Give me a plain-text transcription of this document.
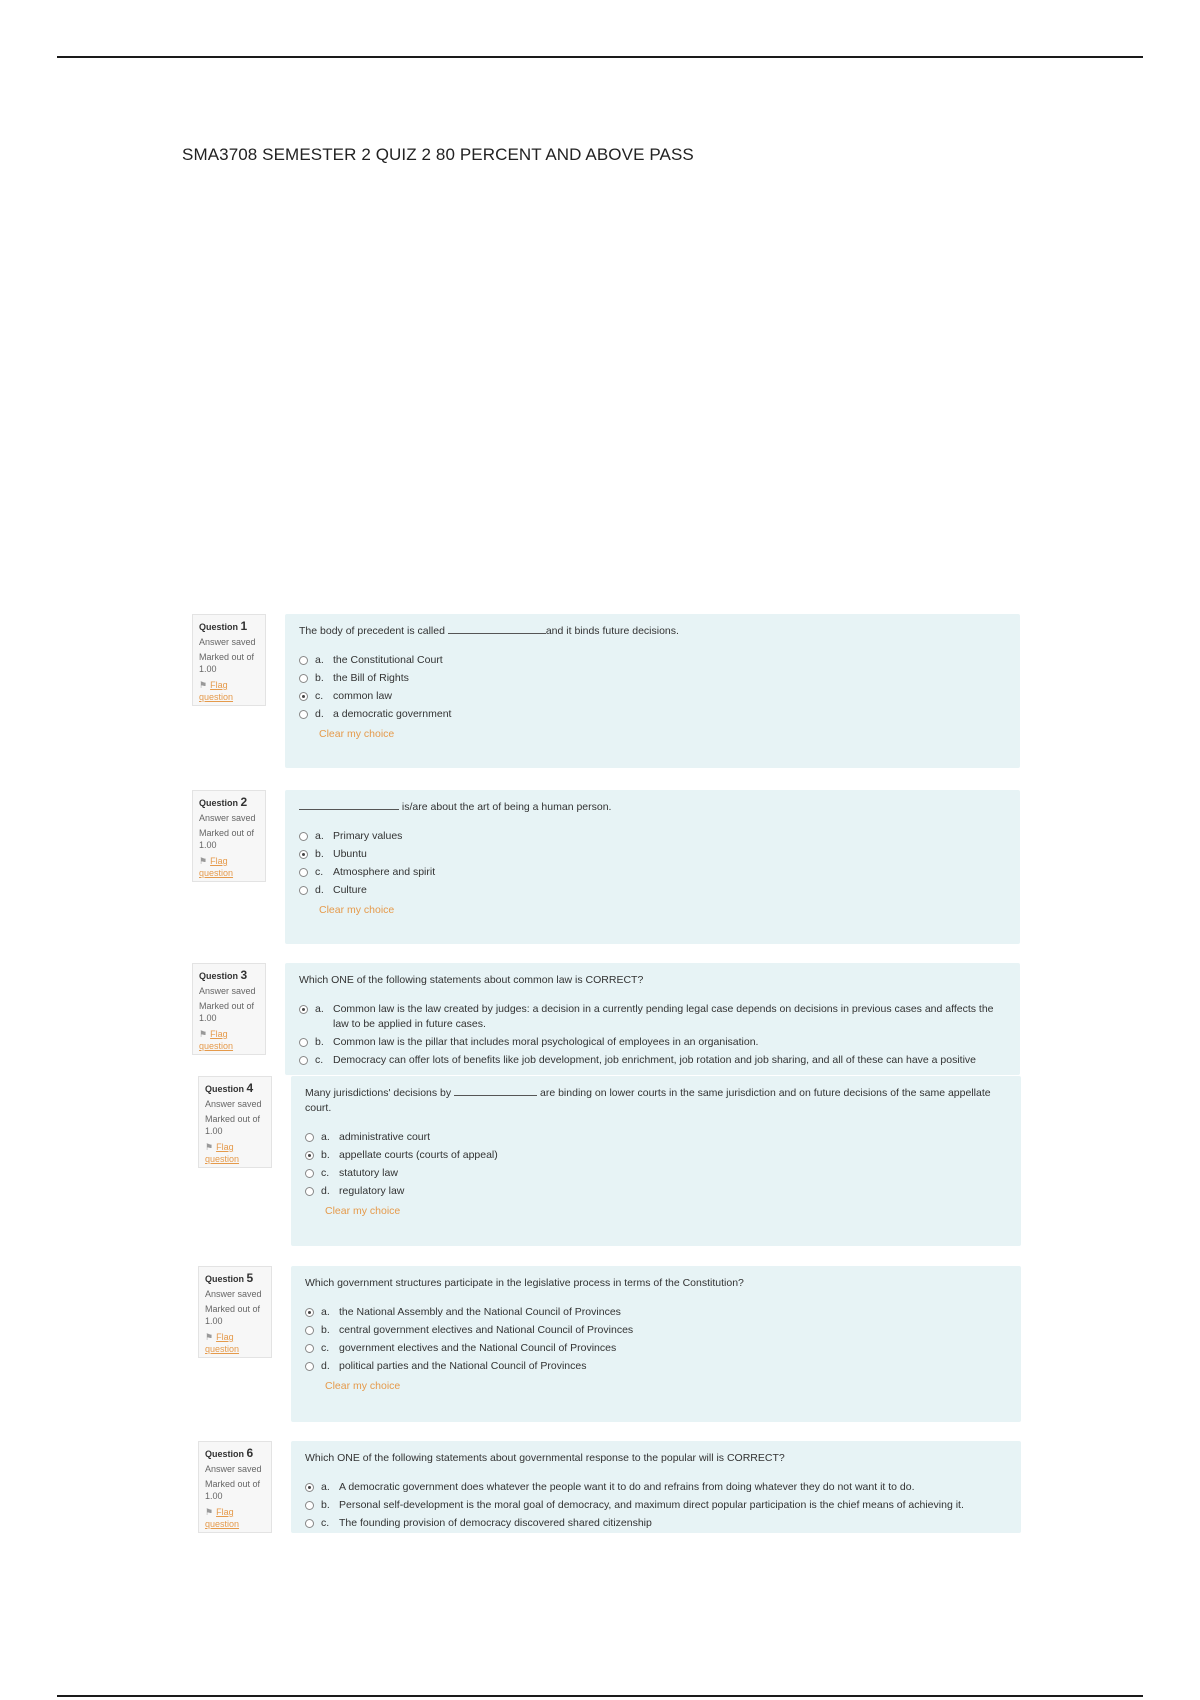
SMA3708 SEMESTER 2 QUIZ 2 80 PERCENT AND ABOVE PASS
Question 1
Answer saved
Marked out of 1.00
⚑ Flag question
The body of precedent is called	and it binds future decisions.
a. the Constitutional Court
b. the Bill of Rights
c. common law
d. a democratic government
Clear my choice
Question 2
Answer saved
Marked out of 1.00
⚑ Flag question
is/are about the art of being a human person.
a. Primary values
b. Ubuntu
c. Atmosphere and spirit
d. Culture
Clear my choice
Question 3
Answer saved
Marked out of 1.00
⚑ Flag question
Which ONE of the following statements about common law is CORRECT?
a. Common law is the law created by judges: a decision in a currently pending legal case depends on decisions in previous cases and affects the law to be applied in future cases.
b. Common law is the pillar that includes moral psychological of employees in an organisation.
c. Democracy can offer lots of benefits like job development, job enrichment, job rotation and job sharing, and all of these can have a positive
Question 4
Answer saved
Marked out of 1.00
⚑ Flag question
Many jurisdictions' decisions by	are binding on lower courts in the same jurisdiction and on future decisions of the same appellate court.
a. administrative court
b. appellate courts (courts of appeal)
c. statutory law
d. regulatory law
Clear my choice
Question 5
Answer saved
Marked out of 1.00
⚑ Flag question
Which government structures participate in the legislative process in terms of the Constitution?
a. the National Assembly and the National Council of Provinces
b. central government electives and National Council of Provinces
c. government electives and the National Council of Provinces
d. political parties and the National Council of Provinces
Clear my choice
Question 6
Answer saved
Marked out of 1.00
⚑ Flag question
Which ONE of the following statements about governmental response to the popular will is CORRECT?
a. A democratic government does whatever the people want it to do and refrains from doing whatever they do not want it to do.
b. Personal self-development is the moral goal of democracy, and maximum direct popular participation is the chief means of achieving it.
c. The founding provision of democracy discovered shared citizenship
